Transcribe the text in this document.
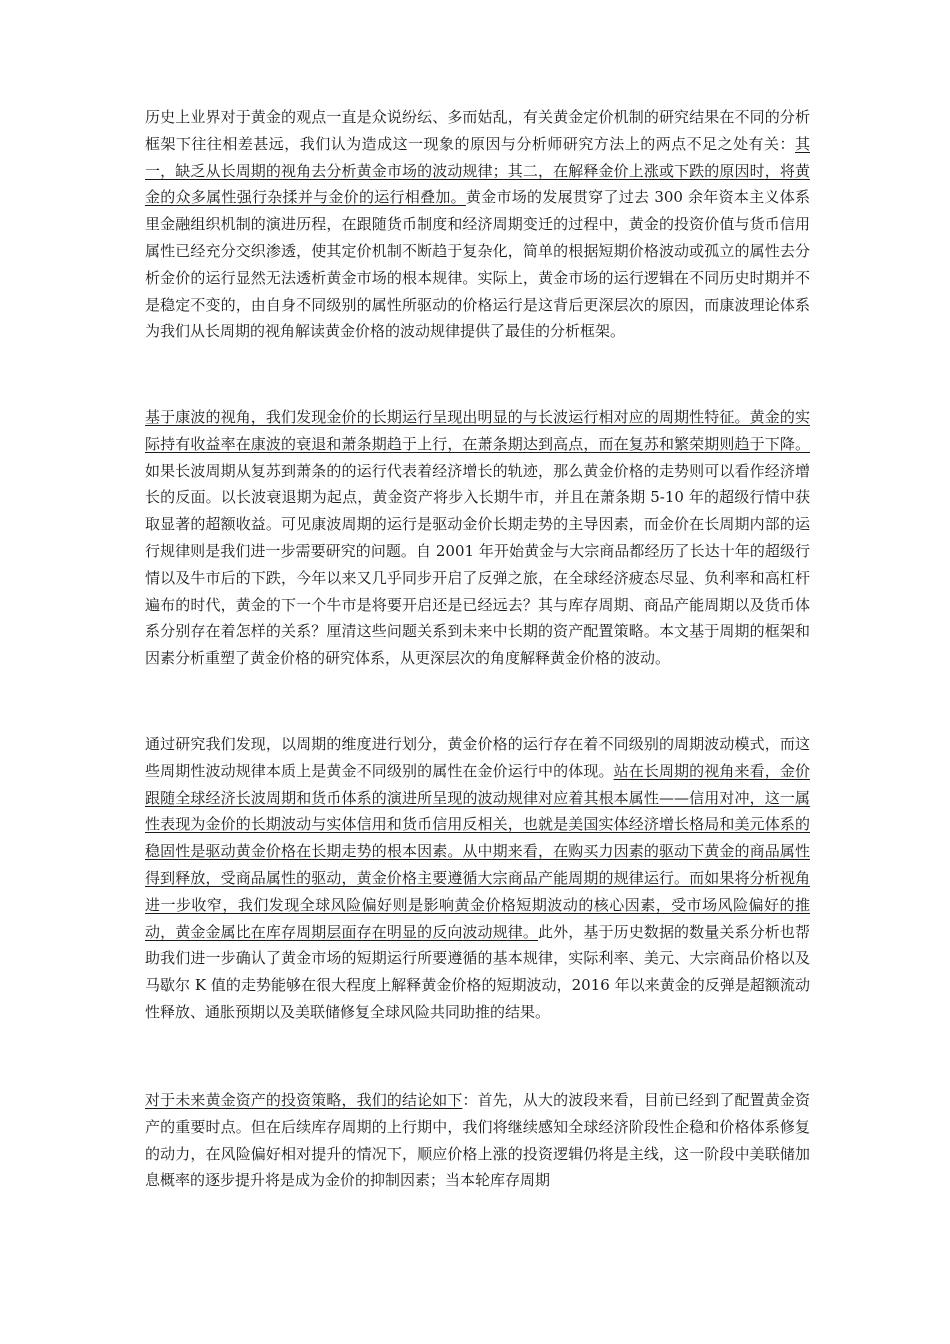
历史上业界对于黄金的观点一直是众说纷纭、多而姑乱，有关黄金定价机制的研究结果在不同的分析框架下往往相差甚远，我们认为造成这一现象的原因与分析师研究方法上的两点不足之处有关：其一，缺乏从长周期的视角去分析黄金市场的波动规律；其二，在解释金价上涨或下跌的原因时，将黄金的众多属性强行杂揉并与金价的运行相叠加。黄金市场的发展贯穿了过去 300 余年资本主义体系里金融组织机制的演进历程，在跟随货币制度和经济周期变迁的过程中，黄金的投资价值与货币信用属性已经充分交织渗透，使其定价机制不断趋于复杂化，简单的根据短期价格波动或孤立的属性去分析金价的运行显然无法透析黄金市场的根本规律。实际上，黄金市场的运行逻辑在不同历史时期并不是稳定不变的，由自身不同级别的属性所驱动的价格运行是这背后更深层次的原因，而康波理论体系为我们从长周期的视角解读黄金价格的波动规律提供了最佳的分析框架。
基于康波的视角，我们发现金价的长期运行呈现出明显的与长波运行相对应的周期性特征。黄金的实际持有收益率在康波的衰退和萧条期趋于上行，在萧条期达到高点，而在复苏和繁荣期则趋于下降。如果长波周期从复苏到萧条的的运行代表着经济增长的轨迹，那么黄金价格的走势则可以看作经济增长的反面。以长波衰退期为起点，黄金资产将步入长期牛市，并且在萧条期 5-10 年的超级行情中获取显著的超额收益。可见康波周期的运行是驱动金价长期走势的主导因素，而金价在长周期内部的运行规律则是我们进一步需要研究的问题。自 2001 年开始黄金与大宗商品都经历了长达十年的超级行情以及牛市后的下跌，今年以来又几乎同步开启了反弹之旅，在全球经济疲态尽显、负利率和高杠杆遍布的时代，黄金的下一个牛市是将要开启还是已经远去？其与库存周期、商品产能周期以及货币体系分别存在着怎样的关系？厘清这些问题关系到未来中长期的资产配置策略。本文基于周期的框架和因素分析重塑了黄金价格的研究体系，从更深层次的角度解释黄金价格的波动。
通过研究我们发现，以周期的维度进行划分，黄金价格的运行存在着不同级别的周期波动模式，而这些周期性波动规律本质上是黄金不同级别的属性在金价运行中的体现。站在长周期的视角来看，金价跟随全球经济长波周期和货币体系的演进所呈现的波动规律对应着其根本属性——信用对冲，这一属性表现为金价的长期波动与实体信用和货币信用反相关，也就是美国实体经济增长格局和美元体系的稳固性是驱动黄金价格在长期走势的根本因素。从中期来看，在购买力因素的驱动下黄金的商品属性得到释放，受商品属性的驱动，黄金价格主要遵循大宗商品产能周期的规律运行。而如果将分析视角进一步收窄，我们发现全球风险偏好则是影响黄金价格短期波动的核心因素，受市场风险偏好的推动，黄金金属比在库存周期层面存在明显的反向波动规律。此外，基于历史数据的数量关系分析也帮助我们进一步确认了黄金市场的短期运行所要遵循的基本规律，实际利率、美元、大宗商品价格以及马歇尔 K 值的走势能够在很大程度上解释黄金价格的短期波动，2016 年以来黄金的反弹是超额流动性释放、通胀预期以及美联储修复全球风险共同助推的结果。
对于未来黄金资产的投资策略，我们的结论如下：首先，从大的波段来看，目前已经到了配置黄金资产的重要时点。但在后续库存周期的上行期中，我们将继续感知全球经济阶段性企稳和价格体系修复的动力，在风险偏好相对提升的情况下，顺应价格上涨的投资逻辑仍将是主线，这一阶段中美联储加息概率的逐步提升将是成为金价的抑制因素；当本轮库存周期
